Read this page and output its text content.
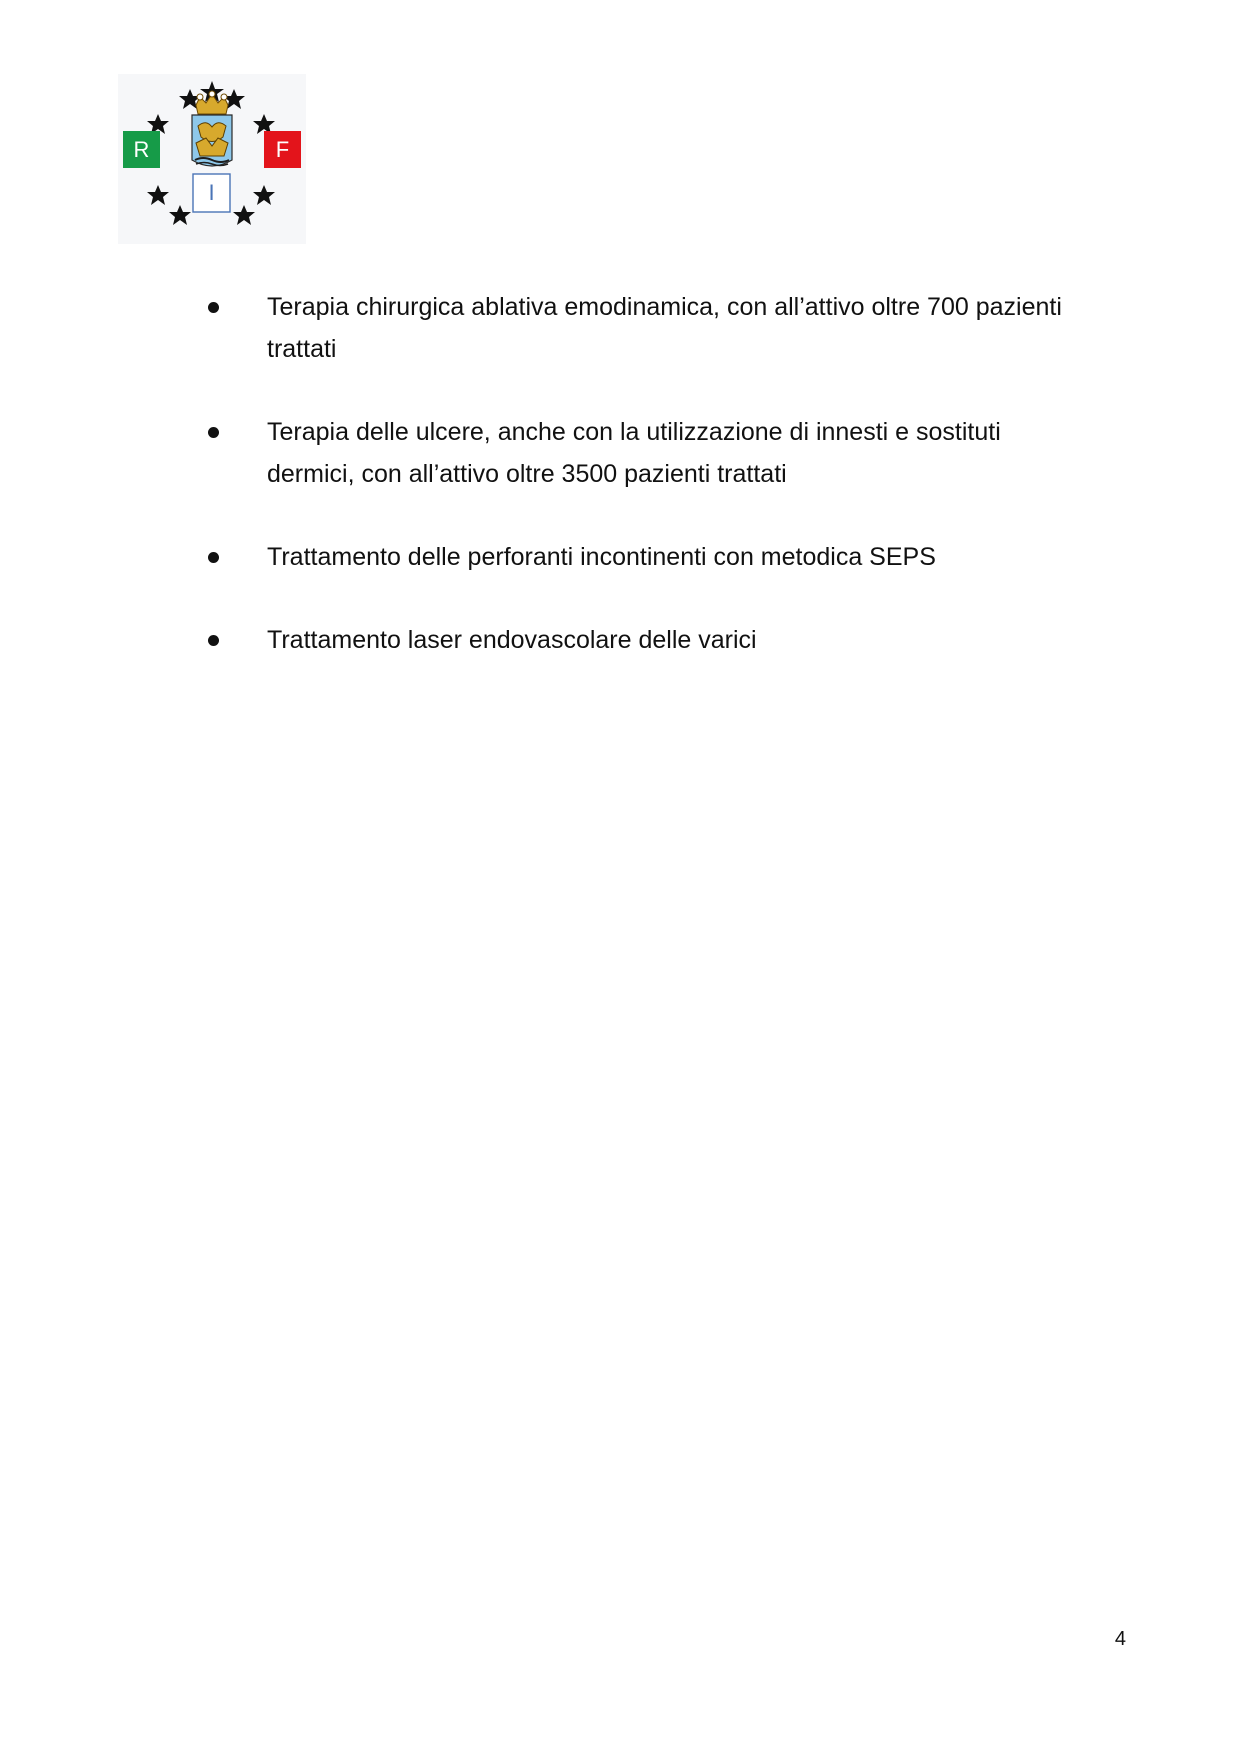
R	F
I
Terapia chirurgica ablativa emodinamica, con all’attivo oltre 700 pazienti trattati
Terapia delle ulcere, anche con la utilizzazione di innesti e sostituti dermici, con all’attivo oltre 3500 pazienti trattati
Trattamento delle perforanti incontinenti con metodica SEPS
Trattamento laser endovascolare delle varici
4
